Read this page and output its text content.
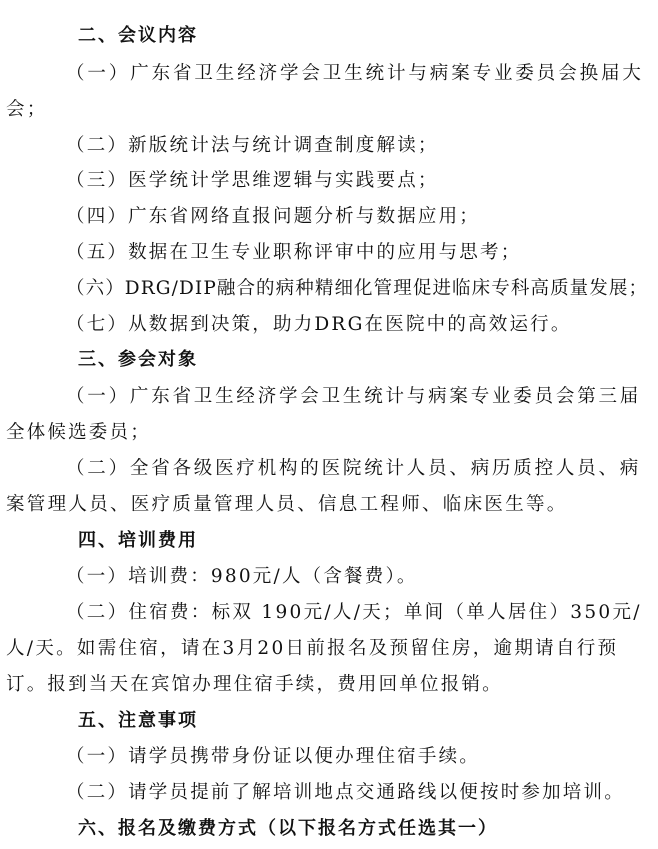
二、会议内容
（一）广东省卫生经济学会卫生统计与病案专业委员会换届大
会；
（二）新版统计法与统计调查制度解读；
（三）医学统计学思维逻辑与实践要点；
（四）广东省网络直报问题分析与数据应用；
（五）数据在卫生专业职称评审中的应用与思考；
（六）DRG/DIP融合的病种精细化管理促进临床专科高质量发展；
（七）从数据到决策，助力DRG在医院中的高效运行。
三、参会对象
（一）广东省卫生经济学会卫生统计与病案专业委员会第三届
全体候选委员；
（二）全省各级医疗机构的医院统计人员、病历质控人员、病
案管理人员、医疗质量管理人员、信息工程师、临床医生等。
四、培训费用
（一）培训费：980元/人（含餐费）。
（二）住宿费：标双 190元/人/天；单间（单人居住）350元/
人/天。如需住宿，请在3月20日前报名及预留住房，逾期请自行预
订。报到当天在宾馆办理住宿手续，费用回单位报销。
五、注意事项
（一）请学员携带身份证以便办理住宿手续。
（二）请学员提前了解培训地点交通路线以便按时参加培训。
六、报名及缴费方式（以下报名方式任选其一）
